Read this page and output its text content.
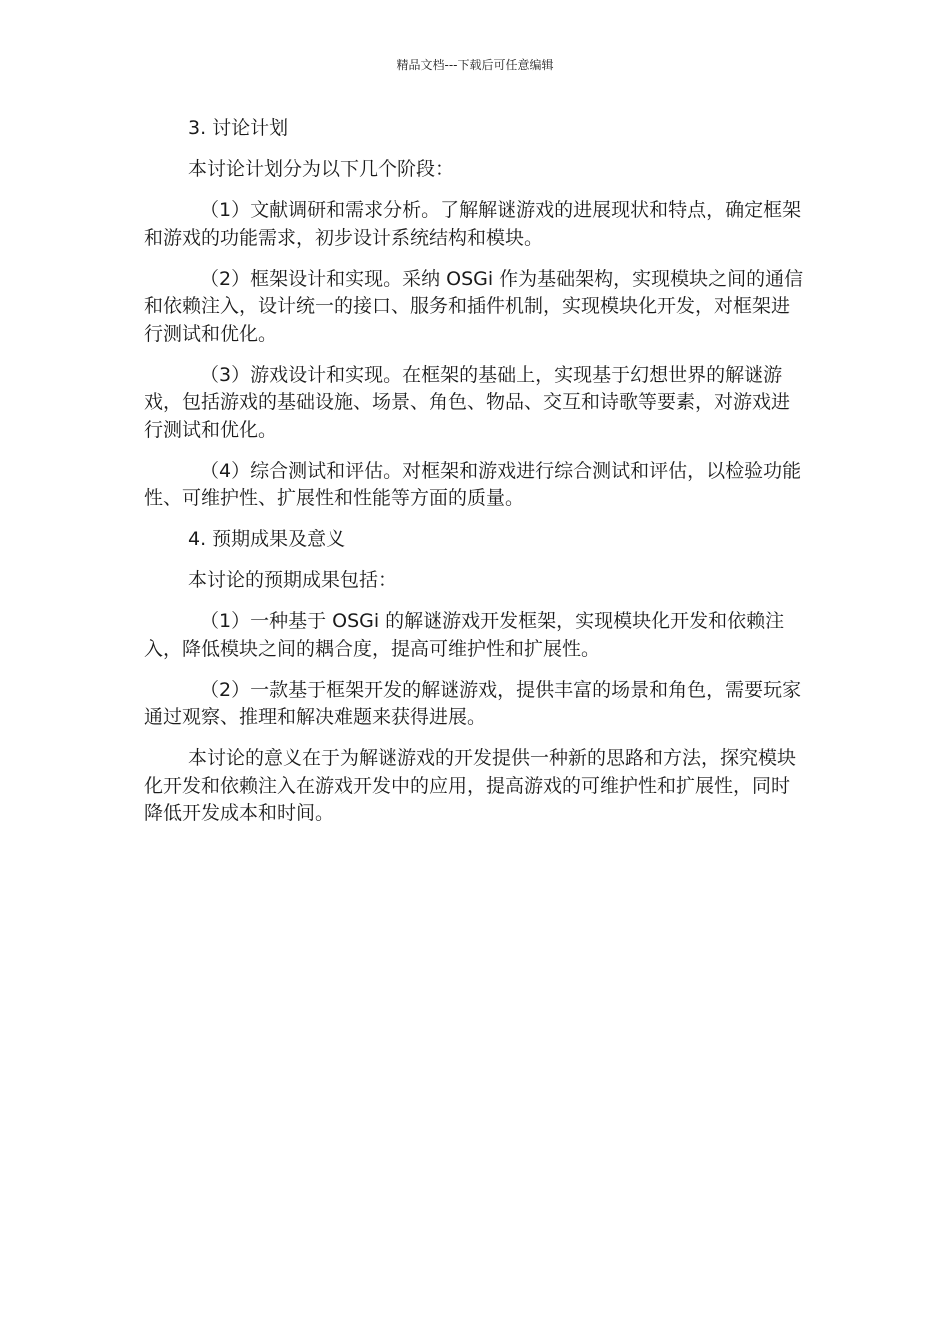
精品文档---下载后可任意编辑

3. 讨论计划

本讨论计划分为以下几个阶段：

（1）文献调研和需求分析。了解解谜游戏的进展现状和特点，确定框架和游戏的功能需求，初步设计系统结构和模块。

（2）框架设计和实现。采纳 OSGi 作为基础架构，实现模块之间的通信和依赖注入，设计统一的接口、服务和插件机制，实现模块化开发，对框架进行测试和优化。

（3）游戏设计和实现。在框架的基础上，实现基于幻想世界的解谜游戏，包括游戏的基础设施、场景、角色、物品、交互和诗歌等要素，对游戏进行测试和优化。

（4）综合测试和评估。对框架和游戏进行综合测试和评估，以检验功能性、可维护性、扩展性和性能等方面的质量。

4. 预期成果及意义

本讨论的预期成果包括：

（1）一种基于 OSGi 的解谜游戏开发框架，实现模块化开发和依赖注入，降低模块之间的耦合度，提高可维护性和扩展性。

（2）一款基于框架开发的解谜游戏，提供丰富的场景和角色，需要玩家通过观察、推理和解决难题来获得进展。

本讨论的意义在于为解谜游戏的开发提供一种新的思路和方法，探究模块化开发和依赖注入在游戏开发中的应用，提高游戏的可维护性和扩展性，同时降低开发成本和时间。
